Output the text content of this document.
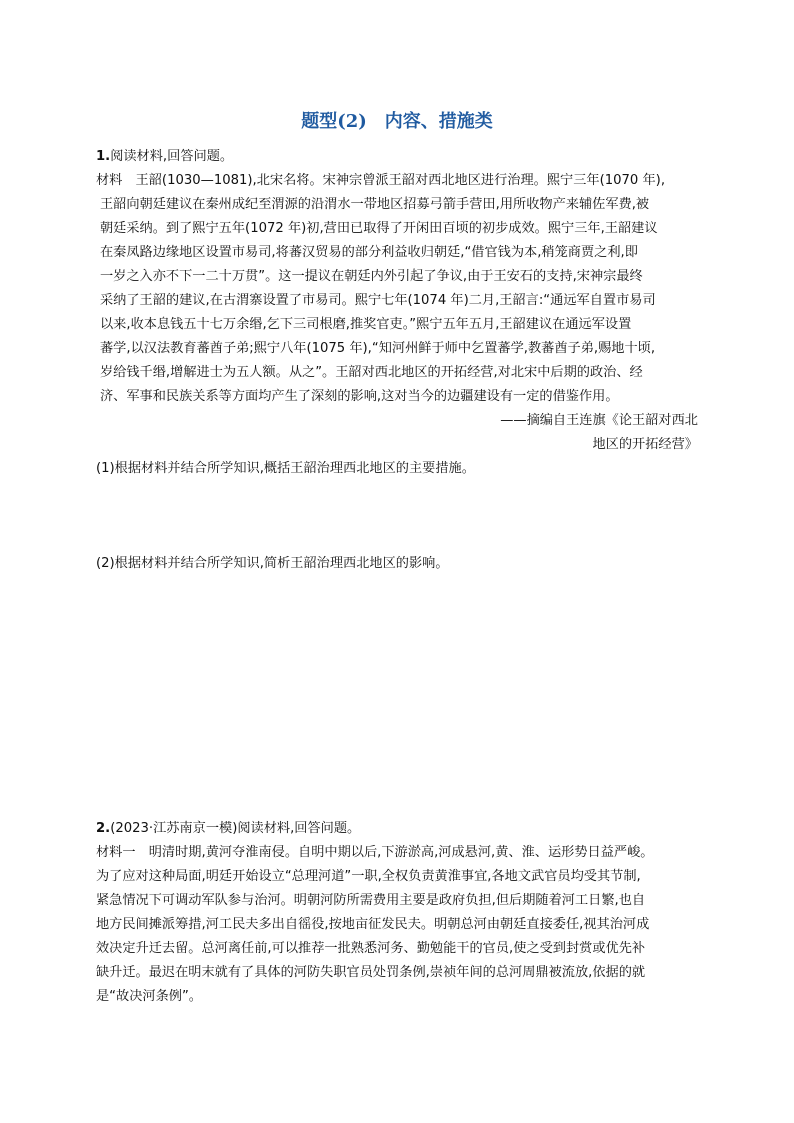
题型(2)　内容、措施类
1.阅读材料,回答问题。
材料　王韶(1030—1081),北宋名将。宋神宗曾派王韶对西北地区进行治理。熙宁三年(1070 年),
王韶向朝廷建议在秦州成纪至渭源的沿渭水一带地区招募弓箭手营田,用所收物产来辅佐军费,被
朝廷采纳。到了熙宁五年(1072 年)初,营田已取得了开闲田百顷的初步成效。熙宁三年,王韶建议
在秦凤路边缘地区设置市易司,将蕃汉贸易的部分利益收归朝廷,“借官钱为本,稍笼商贾之利,即
一岁之入亦不下一二十万贯”。这一提议在朝廷内外引起了争议,由于王安石的支持,宋神宗最终
采纳了王韶的建议,在古渭寨设置了市易司。熙宁七年(1074 年)二月,王韶言:“通远军自置市易司
以来,收本息钱五十七万余缗,乞下三司根磨,推奖官吏。”熙宁五年五月,王韶建议在通远军设置
蕃学,以汉法教育蕃酋子弟;熙宁八年(1075 年),“知河州鲜于师中乞置蕃学,教蕃酋子弟,赐地十顷,
岁给钱千缗,增解进士为五人额。从之”。王韶对西北地区的开拓经营,对北宋中后期的政治、经
济、军事和民族关系等方面均产生了深刻的影响,这对当今的边疆建设有一定的借鉴作用。
——摘编自王连旗《论王韶对西北
地区的开拓经营》
(1)根据材料并结合所学知识,概括王韶治理西北地区的主要措施。
(2)根据材料并结合所学知识,简析王韶治理西北地区的影响。
2.(2023·江苏南京一模)阅读材料,回答问题。
材料一　明清时期,黄河夺淮南侵。自明中期以后,下游淤高,河成悬河,黄、淮、运形势日益严峻。
为了应对这种局面,明廷开始设立“总理河道”一职,全权负责黄淮事宜,各地文武官员均受其节制,
紧急情况下可调动军队参与治河。明朝河防所需费用主要是政府负担,但后期随着河工日繁,也自
地方民间摊派筹措,河工民夫多出自徭役,按地亩征发民夫。明朝总河由朝廷直接委任,视其治河成
效决定升迁去留。总河离任前,可以推荐一批熟悉河务、勤勉能干的官员,使之受到封赏或优先补
缺升迁。最迟在明末就有了具体的河防失职官员处罚条例,崇祯年间的总河周鼎被流放,依据的就
是“故决河条例”。
